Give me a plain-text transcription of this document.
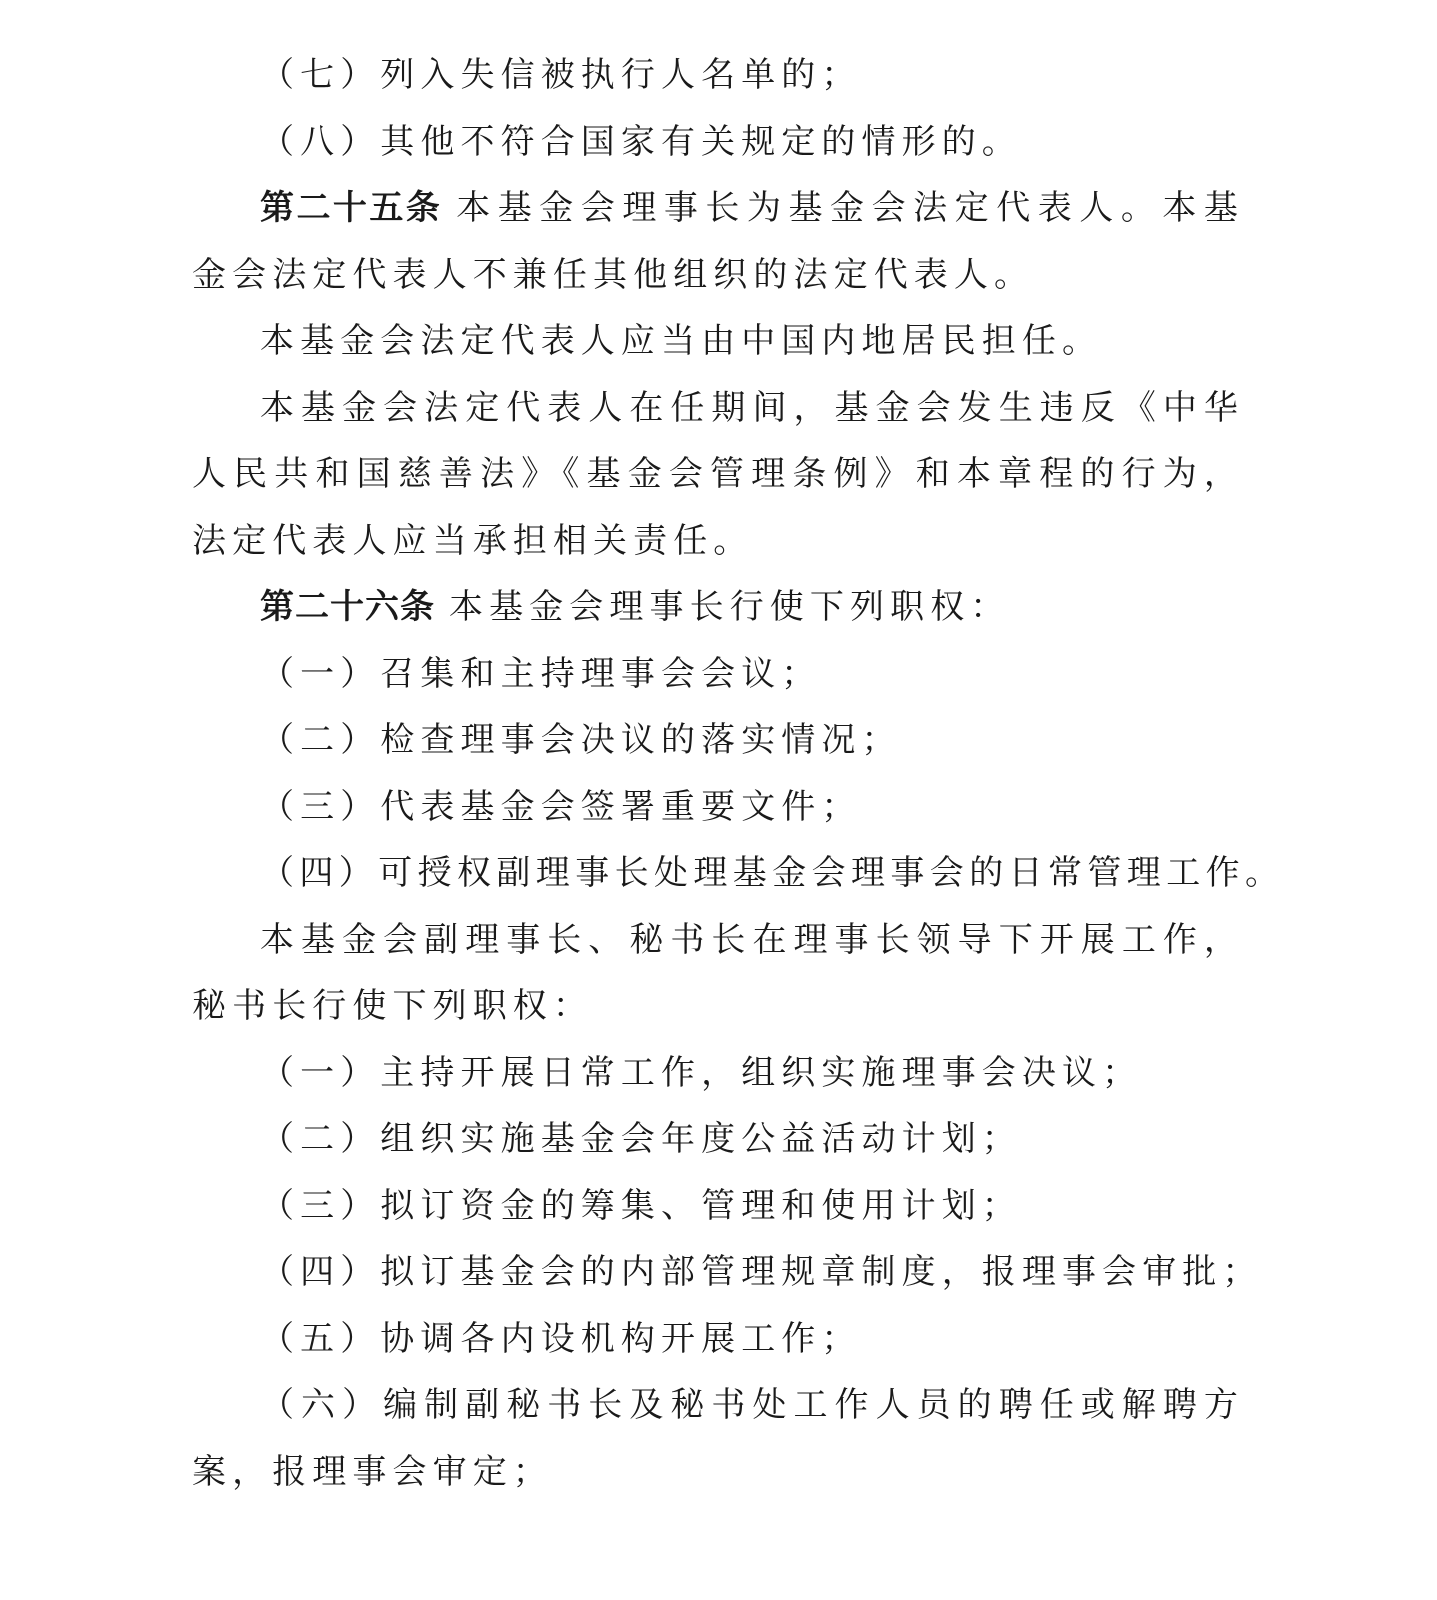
（七）列入失信被执行人名单的；

（八）其他不符合国家有关规定的情形的。

第二十五条 本基金会理事长为基金会法定代表人。本基金会法定代表人不兼任其他组织的法定代表人。

本基金会法定代表人应当由中国内地居民担任。

本基金会法定代表人在任期间，基金会发生违反《中华人民共和国慈善法》《基金会管理条例》和本章程的行为，法定代表人应当承担相关责任。

第二十六条 本基金会理事长行使下列职权：

（一）召集和主持理事会会议；

（二）检查理事会决议的落实情况；

（三）代表基金会签署重要文件；

（四）可授权副理事长处理基金会理事会的日常管理工作。

本基金会副理事长、秘书长在理事长领导下开展工作，秘书长行使下列职权：

（一）主持开展日常工作，组织实施理事会决议；

（二）组织实施基金会年度公益活动计划；

（三）拟订资金的筹集、管理和使用计划；

（四）拟订基金会的内部管理规章制度，报理事会审批；

（五）协调各内设机构开展工作；

（六）编制副秘书长及秘书处工作人员的聘任或解聘方案，报理事会审定；
